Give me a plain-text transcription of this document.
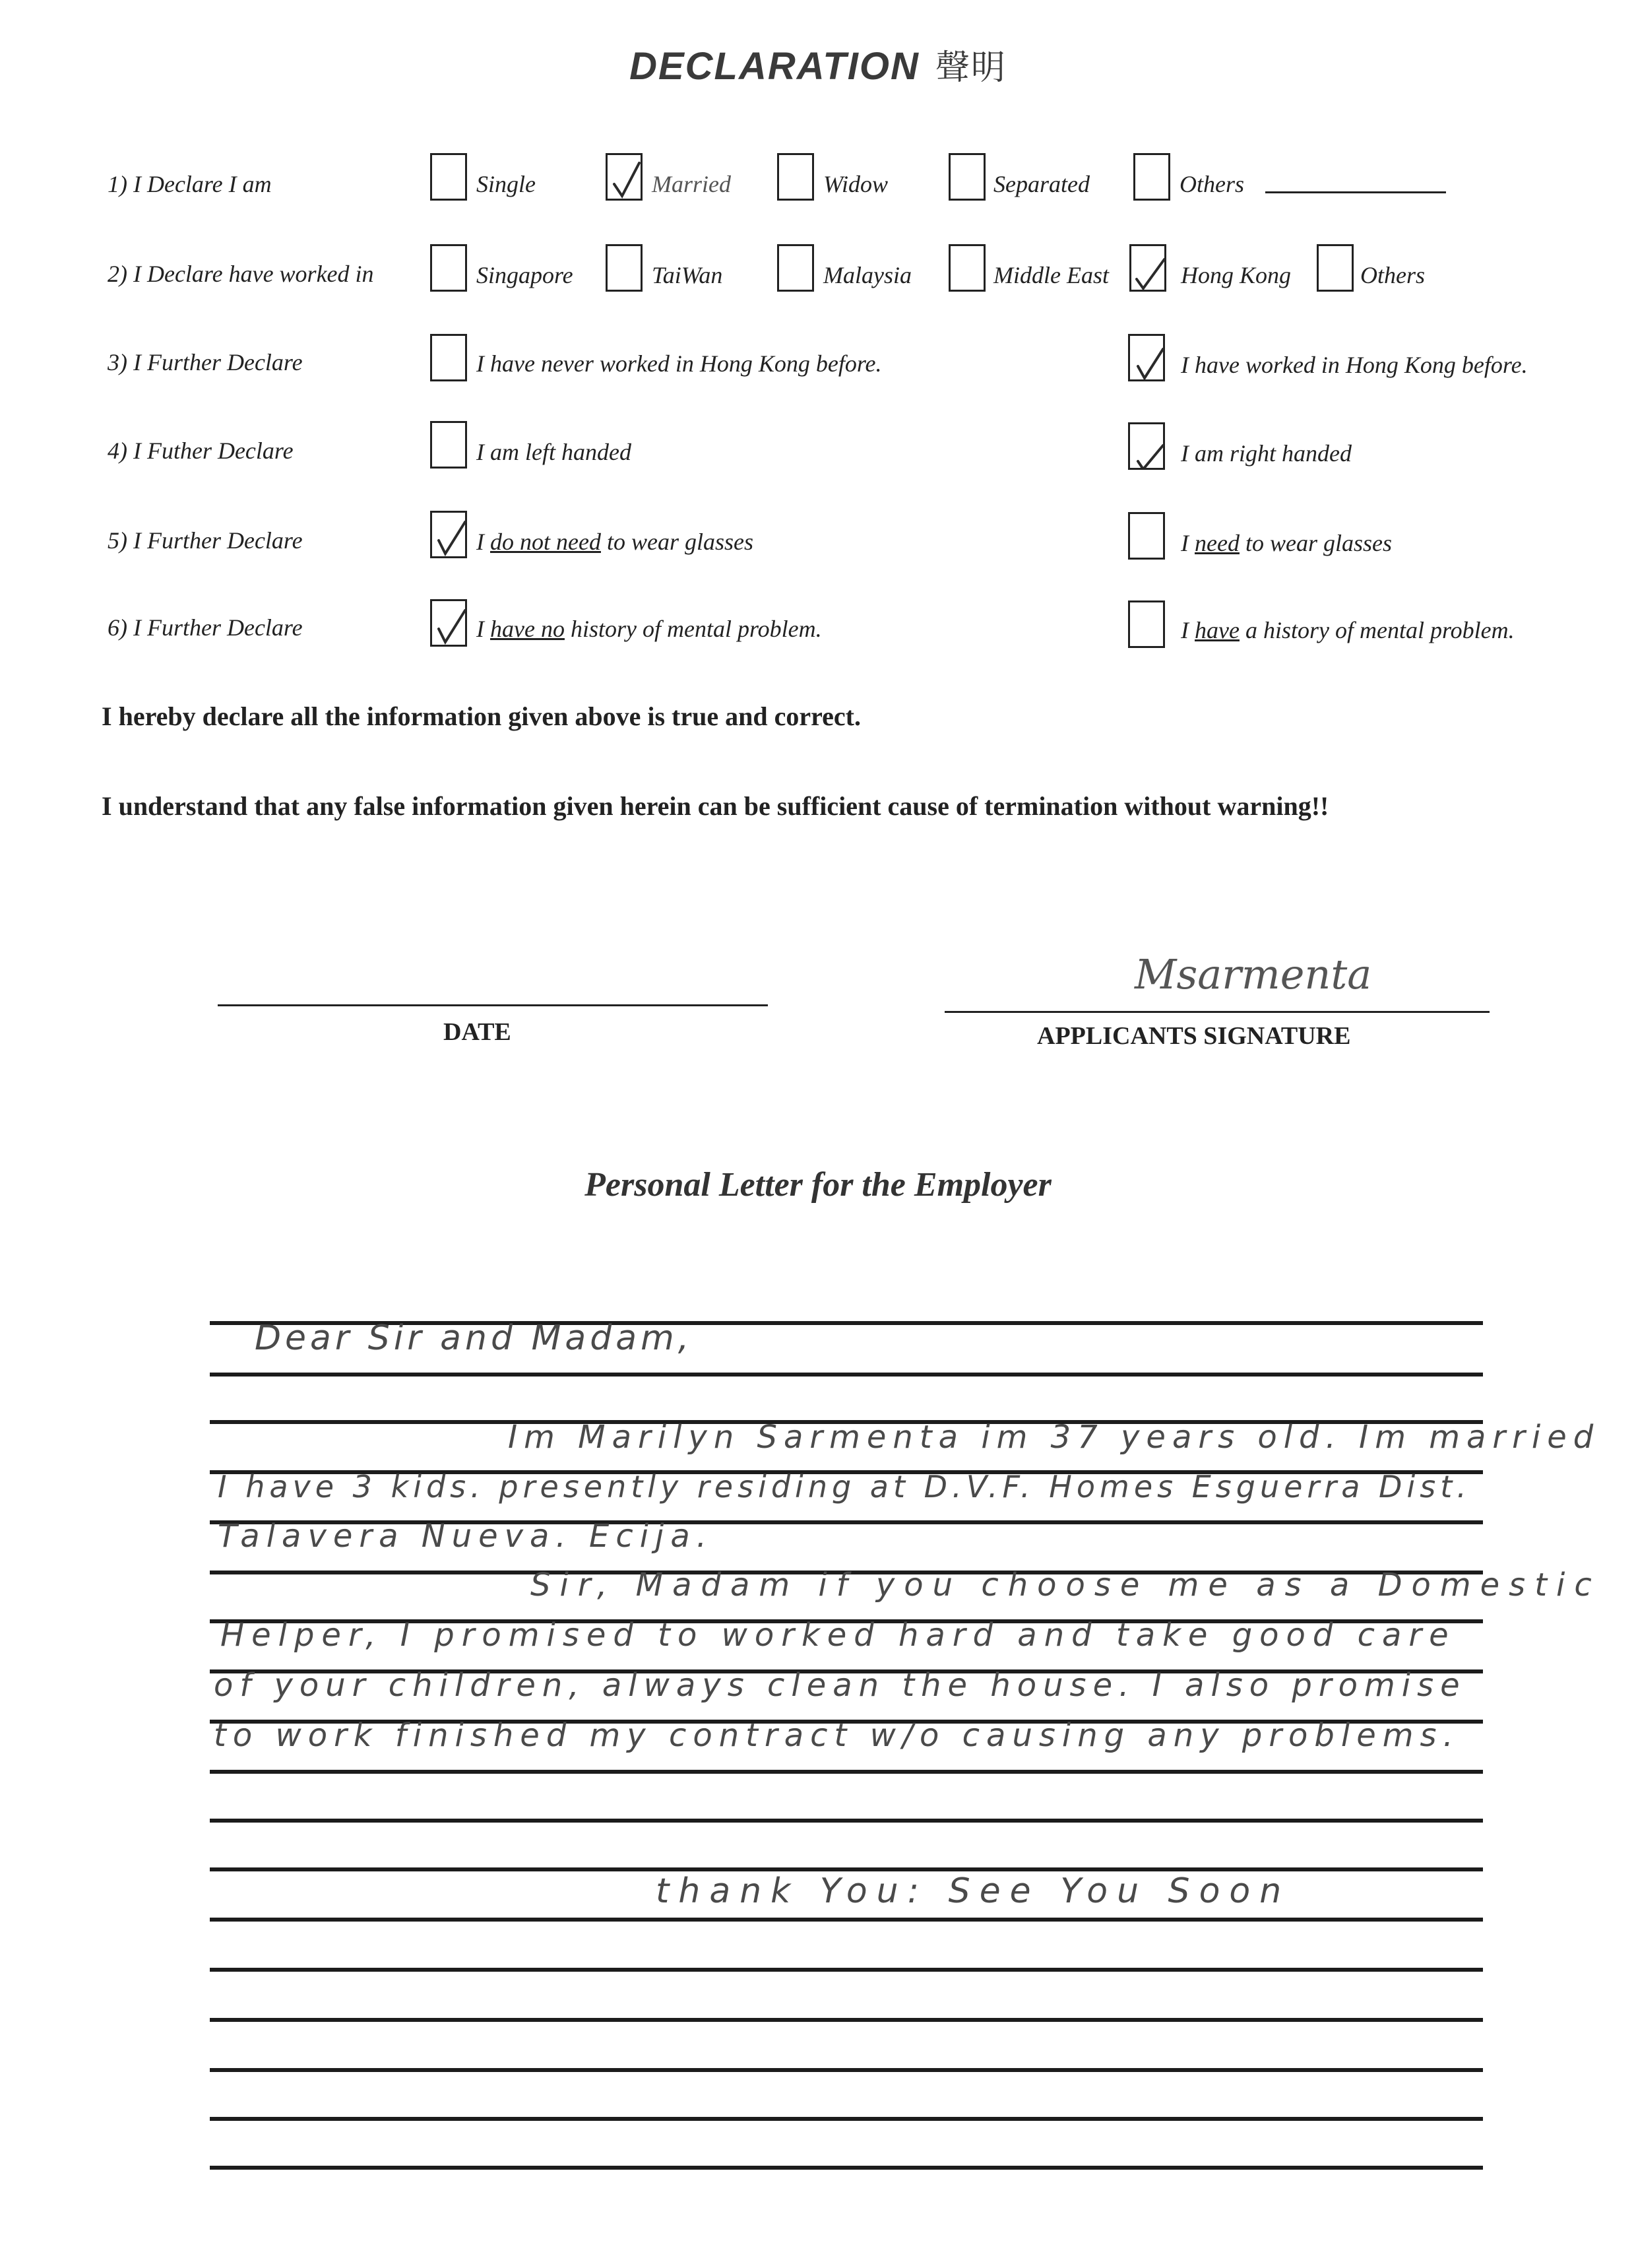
DECLARATION 聲明
1) I Declare I am	Single	Married	Widow	Separated	Others
2) I Declare have worked in	Singapore	TaiWan	Malaysia	Middle East	Hong Kong	Others
3) I Further Declare	I have never worked in Hong Kong before.	I have worked in Hong Kong before.
4) I Futher Declare	I am left handed	I am right handed
5) I Further Declare	I do not need to wear glasses	I need to wear glasses
6) I Further Declare	I have no history of mental problem.	I have a history of mental problem.
I hereby declare all the information given above is true and correct.
I understand that any false information given herein can be sufficient cause of termination without warning!!
DATE
Msarmenta
APPLICANTS SIGNATURE
Personal Letter for the Employer
Dear Sir and Madam,
Im Marilyn Sarmenta im 37 years old. Im married
I have 3 kids. presently residing at D.V.F. Homes Esguerra Dist.
Talavera Nueva. Ecija.
Sir, Madam if you choose me as a Domestic
Helper, I promised to worked hard and take good care
of your children, always clean the house. I also promise
to work finished my contract w/o causing any problems.
thank You: See You Soon
